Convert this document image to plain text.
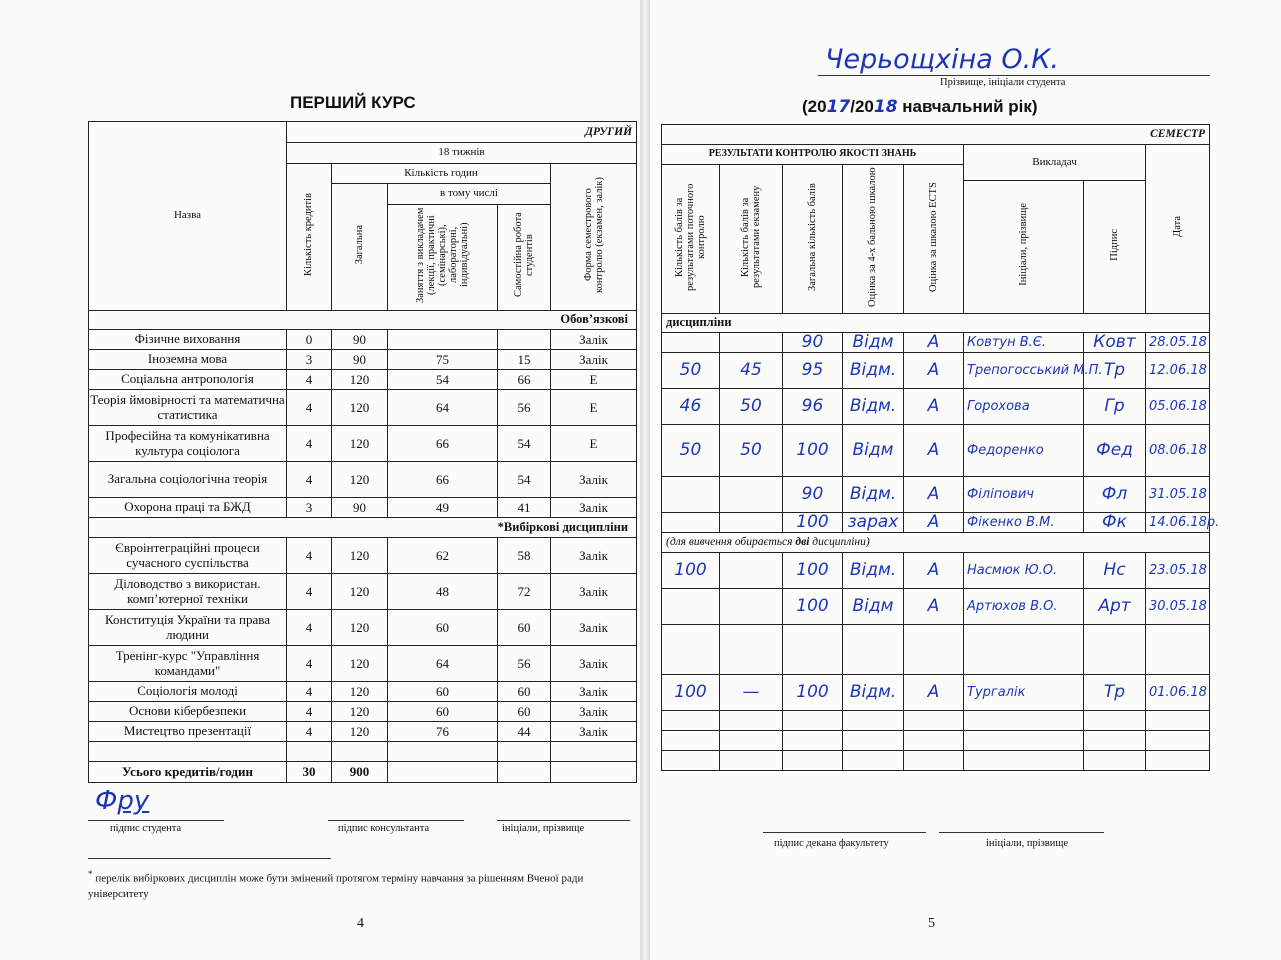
ПЕРШИЙ КУРС
Назва	ДРУГИЙ				
	18 тижнів				
	Кількість кредитів	Кількість годин			Форма семестрового контролю (екзамен, залік)
		Загальна	в тому числі		
			Заняття з викладачем (лекції, практичні (семінарські), лабораторні, індивідуальні)	Самостійна робота студентів	
Обов’язкові					
Фізичне виховання	0	90			Залік
Іноземна мова	3	90	75	15	Залік
Соціальна антропологія	4	120	54	66	Е
Теорія ймовірності та математична статистика	4	120	64	56	Е
Професійна та комунікативна культура соціолога	4	120	66	54	Е
Загальна соціологічна теорія	4	120	66	54	Залік
Охорона праці та БЖД	3	90	49	41	Залік
*Вибіркові дисципліни					
Євроінтеграційні процеси сучасного суспільства	4	120	62	58	Залік
Діловодство з використан. комп’ютерної техніки	4	120	48	72	Залік
Конституція України та права людини	4	120	60	60	Залік
Тренінг-курс "Управління командами"	4	120	64	56	Залік
Соціологія молоді	4	120	60	60	Залік
Основи кібербезпеки	4	120	60	60	Залік
Мистецтво презентації	4	120	76	44	Залік

Усього кредитів/годин	30	900			
Фру
підпис студента	підпис консультанта	ініціали, прізвище
* перелік вибіркових дисциплін може бути змінений протягом терміну навчання за рішенням Вченої ради університету
4
Черьощхіна О.К.
Прізвище, ініціали студента
(2017/2018 навчальний рік)
СЕМЕСТР							
РЕЗУЛЬТАТИ КОНТРОЛЮ ЯКОСТІ ЗНАНЬ					Викладач		Дата
Кількість балів за результатами поточного контролю	Кількість балів за результатами екзамену	Загальна кількість балів	Оцінка за 4-х бальною шкалою	Оцінка за шкалою ECTS			
					Ініціали, прізвище	Підпис	
дисципліни							
		90	Відм	А	Ковтун В.Є.	Ковт	28.05.18
50	45	95	Відм.	А	Трепогосський М.П.	Тр	12.06.18
46	50	96	Відм.	А	Горохова	Гр	05.06.18
50	50	100	Відм	А	Федоренко	Фед	08.06.18
		90	Відм.	А	Філіпович	Фл	31.05.18
		100	зарах	А	Фікенко В.М.	Фк	14.06.18р.
(для вивчення обирається дві дисципліни)							
100		100	Відм.	А	Насмюк Ю.О.	Нс	23.05.18
		100	Відм	А	Артюхов В.О.	Арт	30.05.18

100	—	100	Відм.	А	Тургалік	Тр	01.06.18

підпис декана факультету	ініціали, прізвище
5
